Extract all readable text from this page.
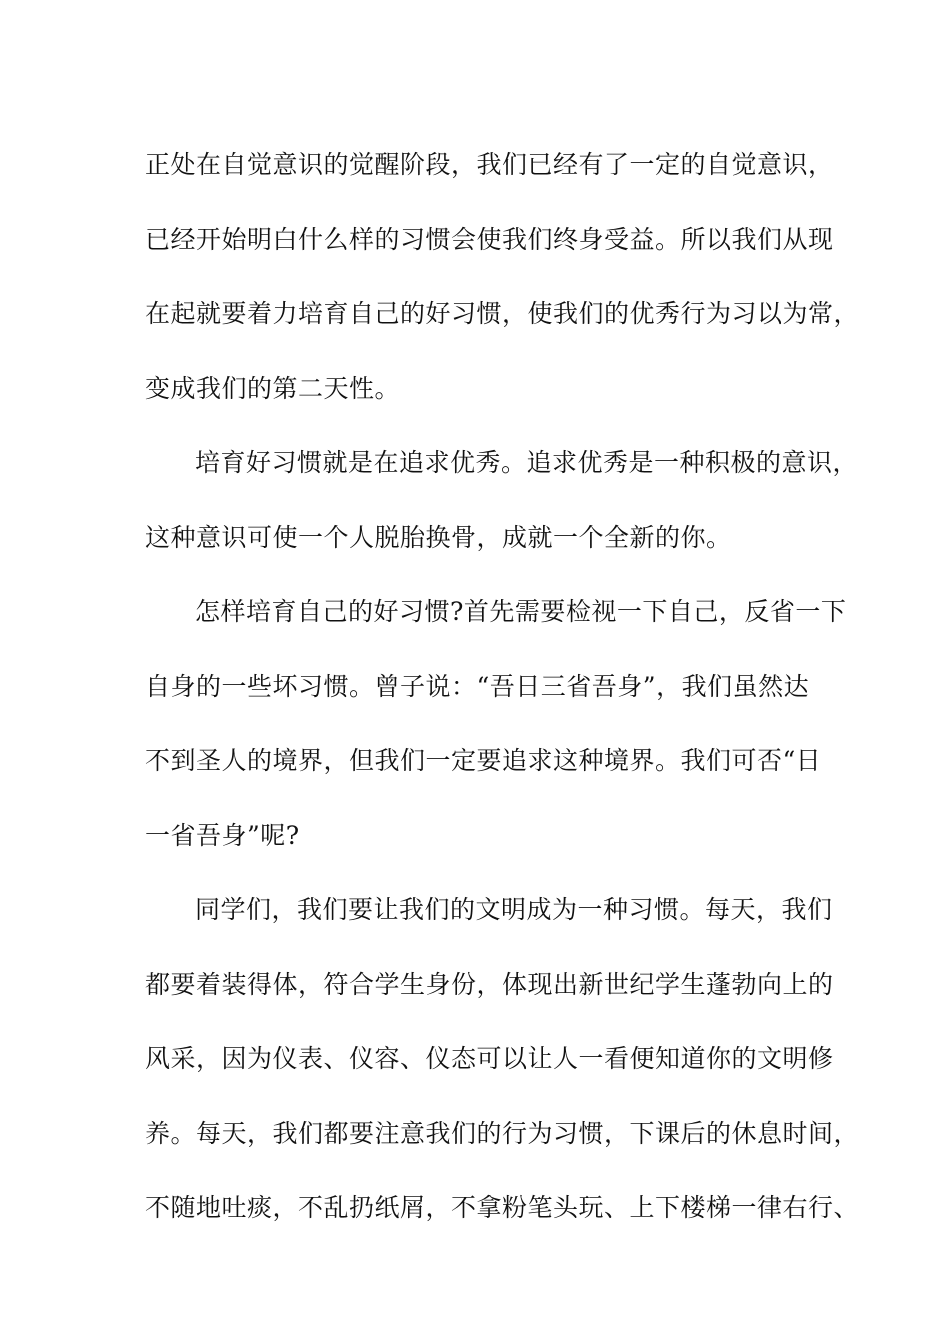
正处在自觉意识的觉醒阶段，我们已经有了一定的自觉意识，
已经开始明白什么样的习惯会使我们终身受益。所以我们从现
在起就要着力培育自己的好习惯，使我们的优秀行为习以为常，
变成我们的第二天性。

培育好习惯就是在追求优秀。追求优秀是一种积极的意识，
这种意识可使一个人脱胎换骨，成就一个全新的你。

怎样培育自己的好习惯?首先需要检视一下自己，反省一下
自身的一些坏习惯。曾子说：“吾日三省吾身”，我们虽然达
不到圣人的境界，但我们一定要追求这种境界。我们可否“日
一省吾身”呢?

同学们，我们要让我们的文明成为一种习惯。每天，我们
都要着装得体，符合学生身份，体现出新世纪学生蓬勃向上的
风采，因为仪表、仪容、仪态可以让人一看便知道你的文明修
养。每天，我们都要注意我们的行为习惯，下课后的休息时间，
不随地吐痰，不乱扔纸屑，不拿粉笔头玩、上下楼梯一律右行、
